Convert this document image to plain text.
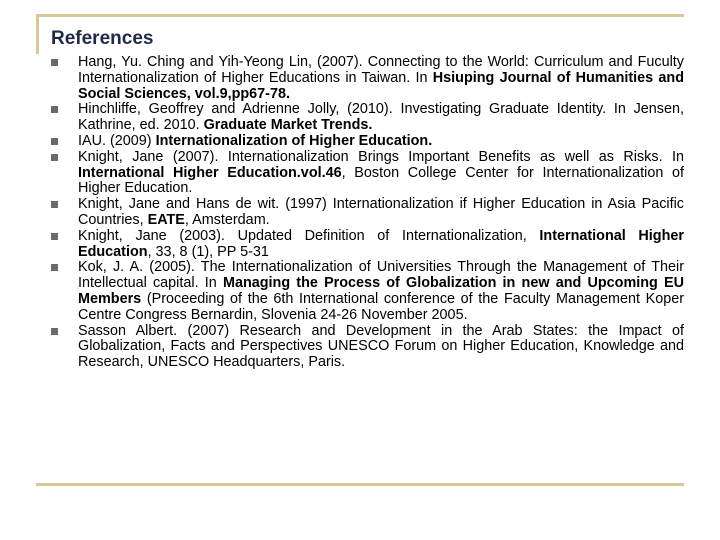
References
Hang, Yu. Ching and Yih-Yeong Lin, (2007). Connecting to the World: Curriculum and Fuculty Internationalization of Higher Educations in Taiwan. In Hsiuping Journal of Humanities and Social Sciences, vol.9,pp67-78.
Hinchliffe, Geoffrey and Adrienne Jolly, (2010). Investigating Graduate Identity. In Jensen, Kathrine, ed. 2010. Graduate Market Trends.
IAU. (2009) Internationalization of Higher Education.
Knight, Jane (2007). Internationalization Brings Important Benefits as well as Risks. In International Higher Education.vol.46, Boston College Center for Internationalization of Higher Education.
Knight, Jane and Hans de wit. (1997) Internationalization if Higher Education in Asia Pacific Countries, EATE, Amsterdam.
Knight, Jane (2003). Updated Definition of Internationalization, International Higher Education, 33, 8 (1), PP 5-31
Kok, J. A. (2005). The Internationalization of Universities Through the Management of Their Intellectual capital. In Managing the Process of Globalization in new and Upcoming EU Members (Proceeding of the 6th International conference of the Faculty Management Koper Centre Congress Bernardin, Slovenia 24-26 November 2005.
Sasson Albert. (2007) Research and Development in the Arab States: the Impact of Globalization, Facts and Perspectives UNESCO Forum on Higher Education, Knowledge and Research, UNESCO Headquarters, Paris.
